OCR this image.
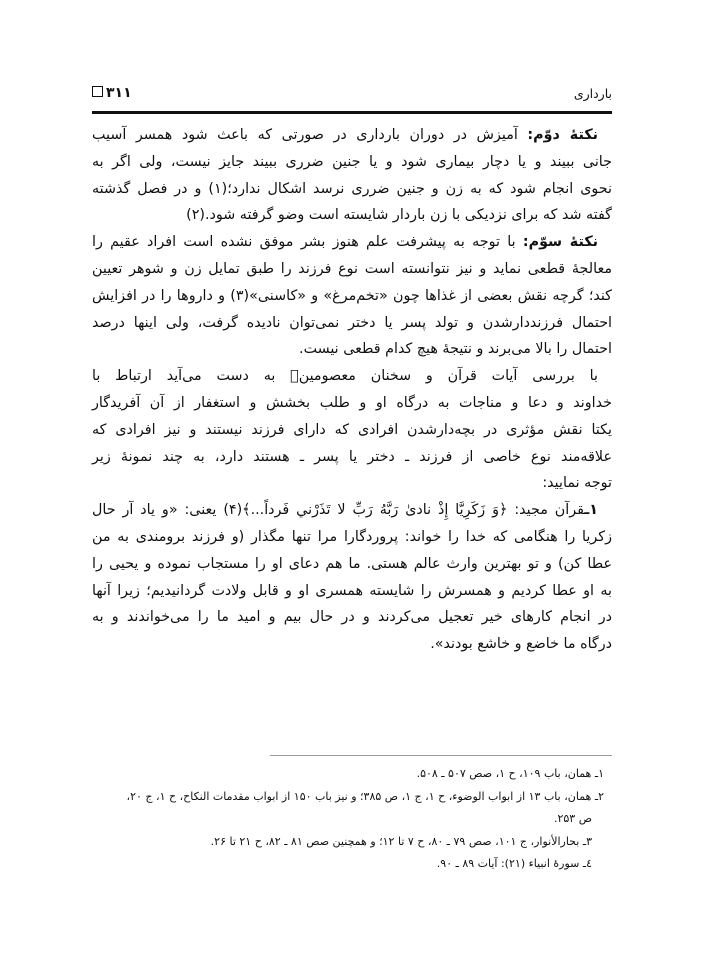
بارداری
۳۱۱
نکتهٔ دوّم: آمیزش در دوران بارداری در صورتی که باعث شود همسر آسیب
جانی ببیند و یا دچار بیماری شود و یا جنین ضرری ببیند جایز نیست، ولی اگر به
نحوی انجام شود که به زن و جنین ضرری نرسد اشکال ندارد؛(۱) و در فصل گذشته
گفته شد که برای نزدیکی با زن باردار شایسته است وضو گرفته شود.(۲)
نکتهٔ سوّم: با توجه به پیشرفت علم هنوز بشر موفق نشده است افراد عقیم را
معالجهٔ قطعی نماید و نیز نتوانسته است نوع فرزند را طبق تمایل زن و شوهر تعیین
کند؛ گرچه نقش بعضی از غذاها چون «تخم‌مرغ» و «کاسنی»(۳) و داروها را در افزایش
احتمال فرزنددارشدن و تولد پسر یا دختر نمی‌توان نادیده گرفت، ولی اینها درصد
احتمال را بالا می‌برند و نتیجهٔ هیچ کدام قطعی نیست.
با بررسی آیات قرآن و سخنان معصومینؑ به دست می‌آید ارتباط با
خداوند و دعا و مناجات به درگاه او و طلب بخشش و استغفار از آن آفریدگار
یکتا نقش مؤثری در بچه‌دارشدن افرادی که دارای فرزند نیستند و نیز افرادی که
علاقه‌مند نوع خاصی از فرزند ـ دختر یا پسر ـ هستند دارد، به چند نمونهٔ زیر
توجه نمایید:
۱ـقرآن مجید: ﴿وَ زَكَرِيَّا إِذْ نادىٰ رَبَّهُ رَبِّ لا تَذَرْني فَرداً...﴾(۴) یعنی: «و یاد آر حال
زکریا را هنگامی که خدا را خواند: پروردگارا مرا تنها مگذار (و فرزند برومندی به من
عطا کن) و تو بهترین وارث عالم هستی. ما هم دعای او را مستجاب نموده و یحیی را
به او عطا کردیم و همسرش را شایسته همسری او و قابل ولادت گردانیدیم؛ زیرا آنها
در انجام کارهای خیر تعجیل می‌کردند و در حال بیم و امید ما را می‌خواندند و به
درگاه ما خاضع و خاشع بودند».
۱ـ همان، باب ۱۰۹، ح ۱، صص ۵۰۷ ـ ۵۰۸.
۲ـ همان، باب ۱۳ از ابواب الوضوء، ح ۱، ج ۱، ص ۳۸۵؛ و نیز باب ۱۵۰ از ابواب مقدمات النکاح، ح ۱، ج ۲۰،
ص ۲۵۳.
۳ـ بحارالأنوار، ج ۱۰۱، صص ۷۹ ـ ۸۰، ح ۷ تا ۱۲؛ و همچنین صص ۸۱ ـ ۸۲، ح ۲۱ تا ۲۶.
٤ـ سورهٔ انبیاء (۲۱): آیات ۸۹ ـ ۹۰.
